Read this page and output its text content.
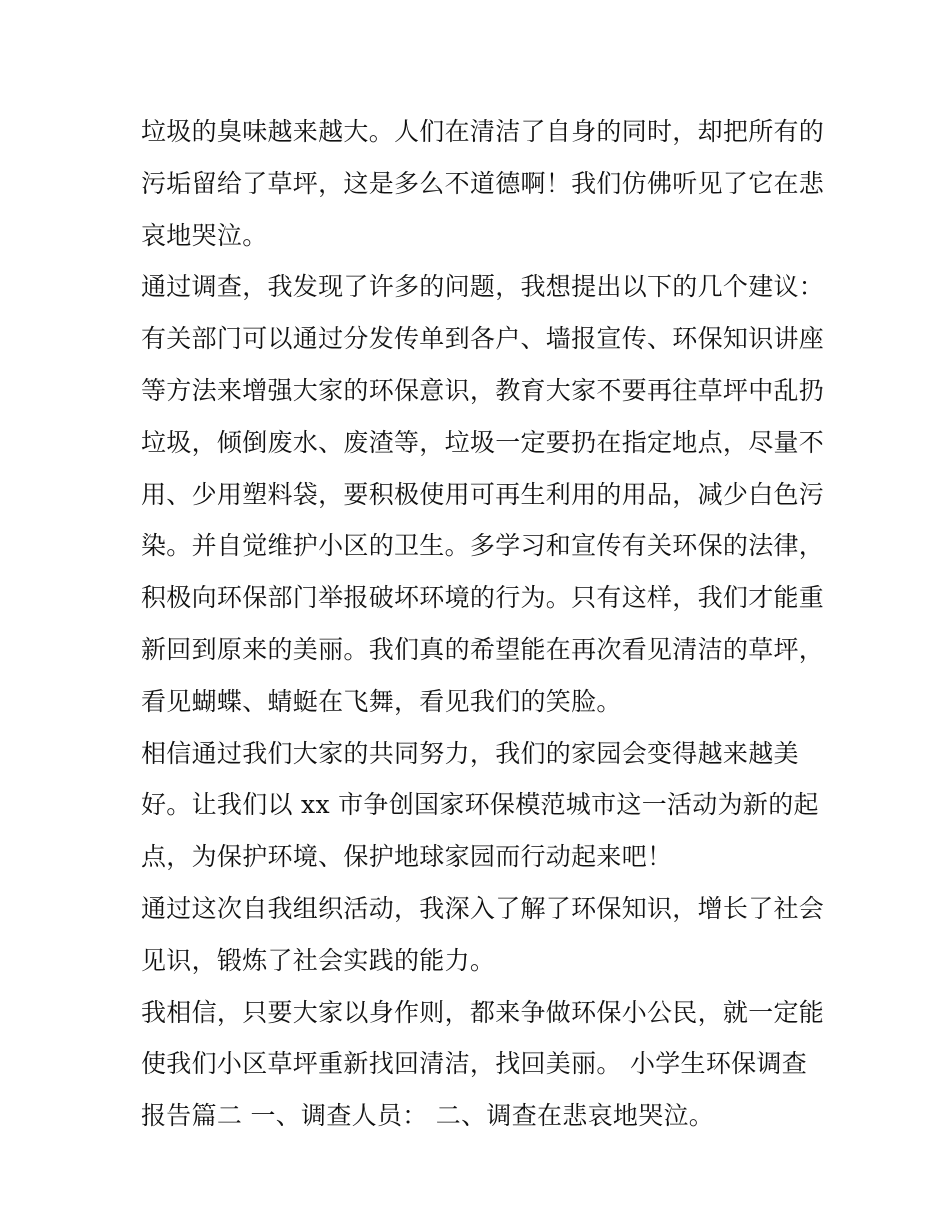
垃圾的臭味越来越大。人们在清洁了自身的同时，却把所有的
污垢留给了草坪，这是多么不道德啊！我们仿佛听见了它在悲
哀地哭泣。
通过调查，我发现了许多的问题，我想提出以下的几个建议：
有关部门可以通过分发传单到各户、墙报宣传、环保知识讲座
等方法来增强大家的环保意识，教育大家不要再往草坪中乱扔
垃圾，倾倒废水、废渣等，垃圾一定要扔在指定地点，尽量不
用、少用塑料袋，要积极使用可再生利用的用品，减少白色污
染。并自觉维护小区的卫生。多学习和宣传有关环保的法律，
积极向环保部门举报破坏环境的行为。只有这样，我们才能重
新回到原来的美丽。我们真的希望能在再次看见清洁的草坪，
看见蝴蝶、蜻蜓在飞舞，看见我们的笑脸。
相信通过我们大家的共同努力，我们的家园会变得越来越美
好。让我们以 xx 市争创国家环保模范城市这一活动为新的起
点，为保护环境、保护地球家园而行动起来吧！
通过这次自我组织活动，我深入了解了环保知识，增长了社会
见识，锻炼了社会实践的能力。
我相信，只要大家以身作则，都来争做环保小公民，就一定能
使我们小区草坪重新找回清洁，找回美丽。 小学生环保调查
报告篇二 一、调查人员： 二、调查在悲哀地哭泣。
